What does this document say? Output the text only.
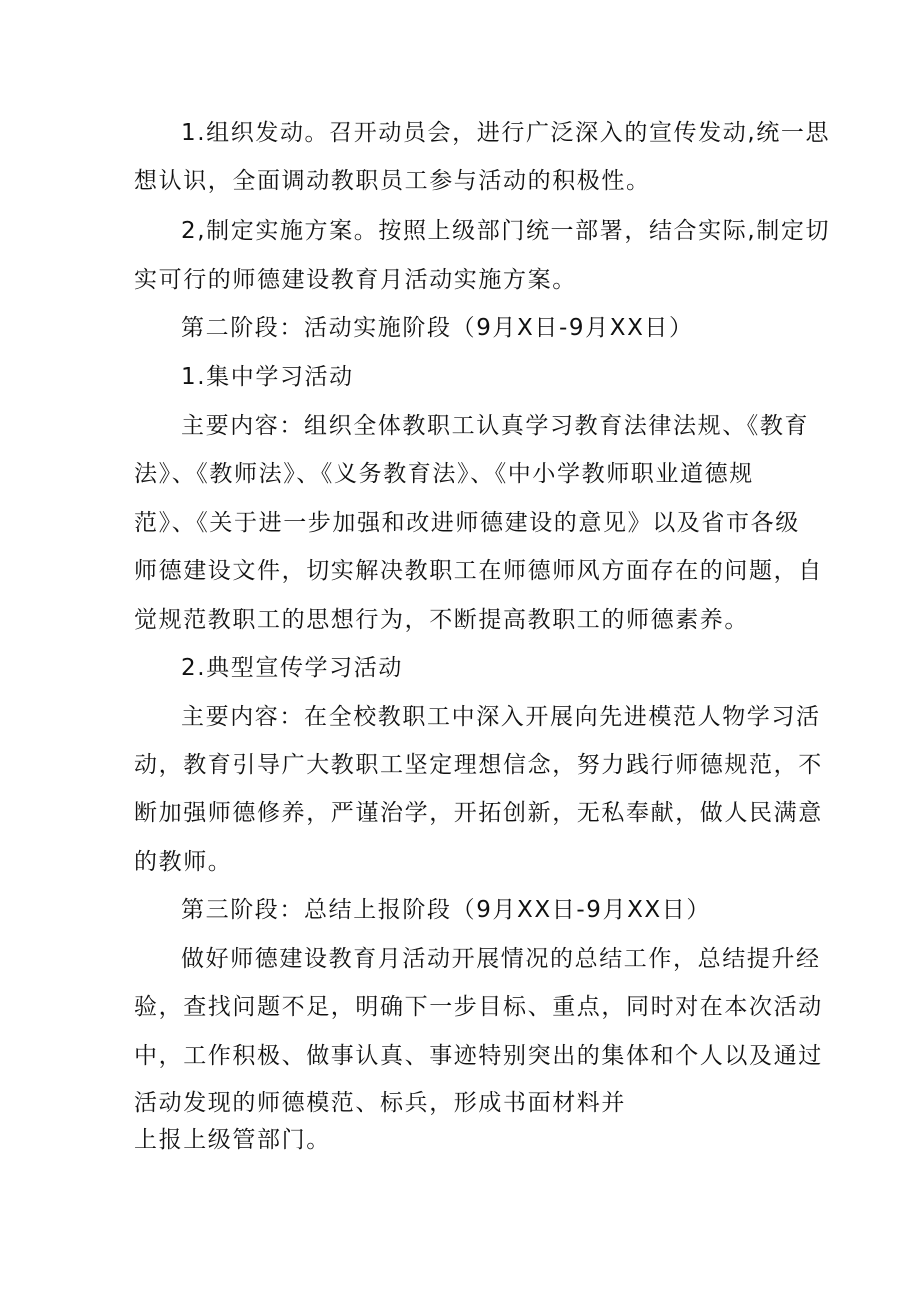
1.组织发动。召开动员会，进行广泛深入的宣传发动,统一思
想认识，全面调动教职员工参与活动的积极性。
2,制定实施方案。按照上级部门统一部署，结合实际,制定切
实可行的师德建设教育月活动实施方案。
第二阶段：活动实施阶段（9月X日-9月XX日）
1.集中学习活动
主要内容：组织全体教职工认真学习教育法律法规、《教育
法》、《教师法》、《义务教育法》、《中小学教师职业道德规
范》、《关于进一步加强和改进师德建设的意见》以及省市各级
师德建设文件，切实解决教职工在师德师风方面存在的问题，自
觉规范教职工的思想行为，不断提高教职工的师德素养。
2.典型宣传学习活动
主要内容：在全校教职工中深入开展向先进模范人物学习活
动，教育引导广大教职工坚定理想信念，努力践行师德规范，不
断加强师德修养，严谨治学，开拓创新，无私奉献，做人民满意
的教师。
第三阶段：总结上报阶段（9月XX日-9月XX日）
做好师德建设教育月活动开展情况的总结工作，总结提升经
验，查找问题不足，明确下一步目标、重点，同时对在本次活动
中，工作积极、做事认真、事迹特别突出的集体和个人以及通过
活动发现的师德模范、标兵，形成书面材料并
上报上级管部门。
